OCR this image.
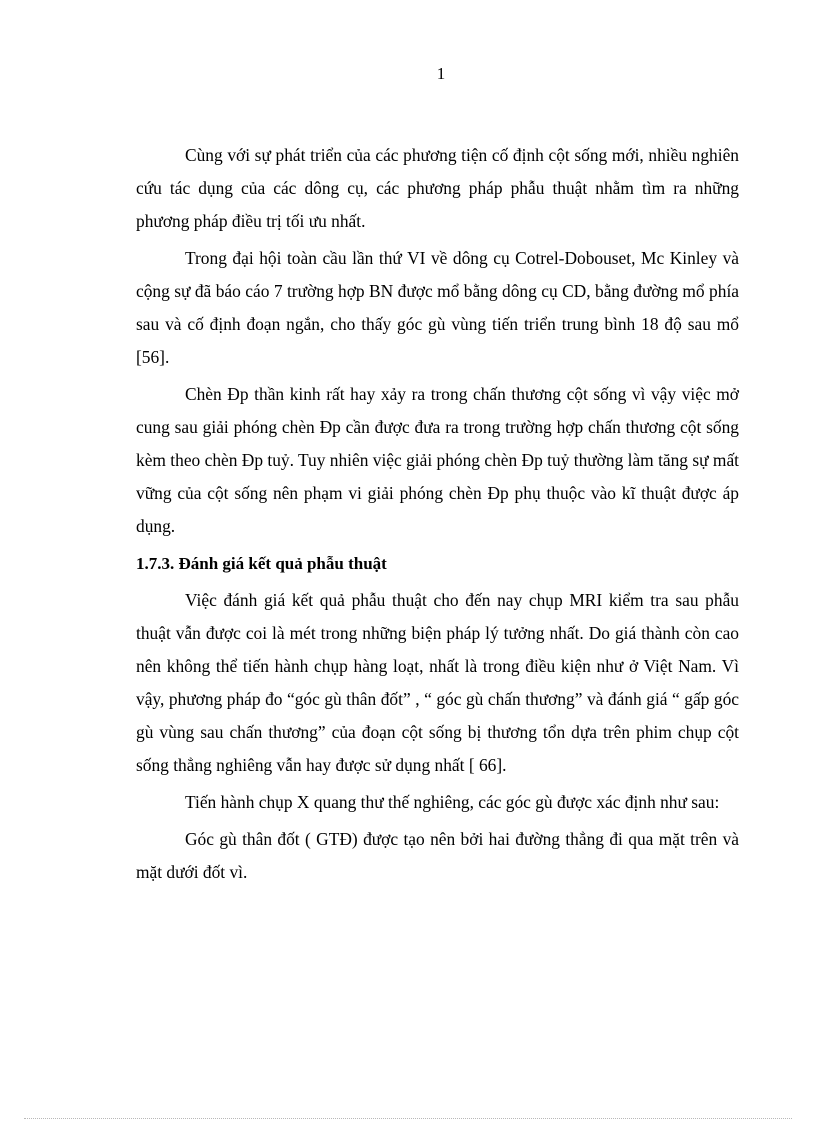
1

Cùng với sự phát triển của các phương tiện cố định cột sống mới, nhiều nghiên cứu tác dụng của các dông cụ, các phương pháp phẫu thuật nhằm tìm ra những phương pháp điều trị tối ưu nhất.

Trong đại hội toàn cầu lần thứ VI về dông cụ Cotrel-Dobouset, Mc Kinley và cộng sự đã báo cáo 7 trường hợp BN được mổ bằng dông cụ CD, bằng đường mổ phía sau và cố định đoạn ngắn, cho thấy góc gù vùng tiến triển trung bình 18 độ sau mổ [56].

Chèn Đp thần kinh rất hay xảy ra trong chấn thương cột sống vì vậy việc mở cung sau giải phóng chèn Đp cần được đưa ra trong trường hợp chấn thương cột sống kèm theo chèn Đp tuỷ. Tuy nhiên việc giải phóng chèn Đp tuỷ thường làm tăng sự mất vững của cột sống nên phạm vi giải phóng chèn Đp phụ thuộc vào kĩ thuật được áp dụng.

1.7.3. Đánh giá kết quả phẫu thuật

Việc đánh giá kết quả phẫu thuật cho đến nay chụp MRI kiểm tra sau phẫu thuật vẫn được coi là mét trong những biện pháp lý tưởng nhất. Do giá thành còn cao nên không thể tiến hành chụp hàng loạt, nhất là trong điều kiện như ở Việt Nam. Vì vậy, phương pháp đo “góc gù thân đốt” , “ góc gù chấn thương” và đánh giá “ gấp góc gù vùng sau chấn thương” của đoạn cột sống bị thương tổn dựa trên phim chụp cột sống thẳng nghiêng vẫn hay được sử dụng nhất [ 66].

Tiến hành chụp X quang thư thế nghiêng, các góc gù được xác định như sau:

Góc gù thân đốt ( GTĐ) được tạo nên bởi hai đường thẳng đi qua mặt trên và mặt dưới đốt vì.
